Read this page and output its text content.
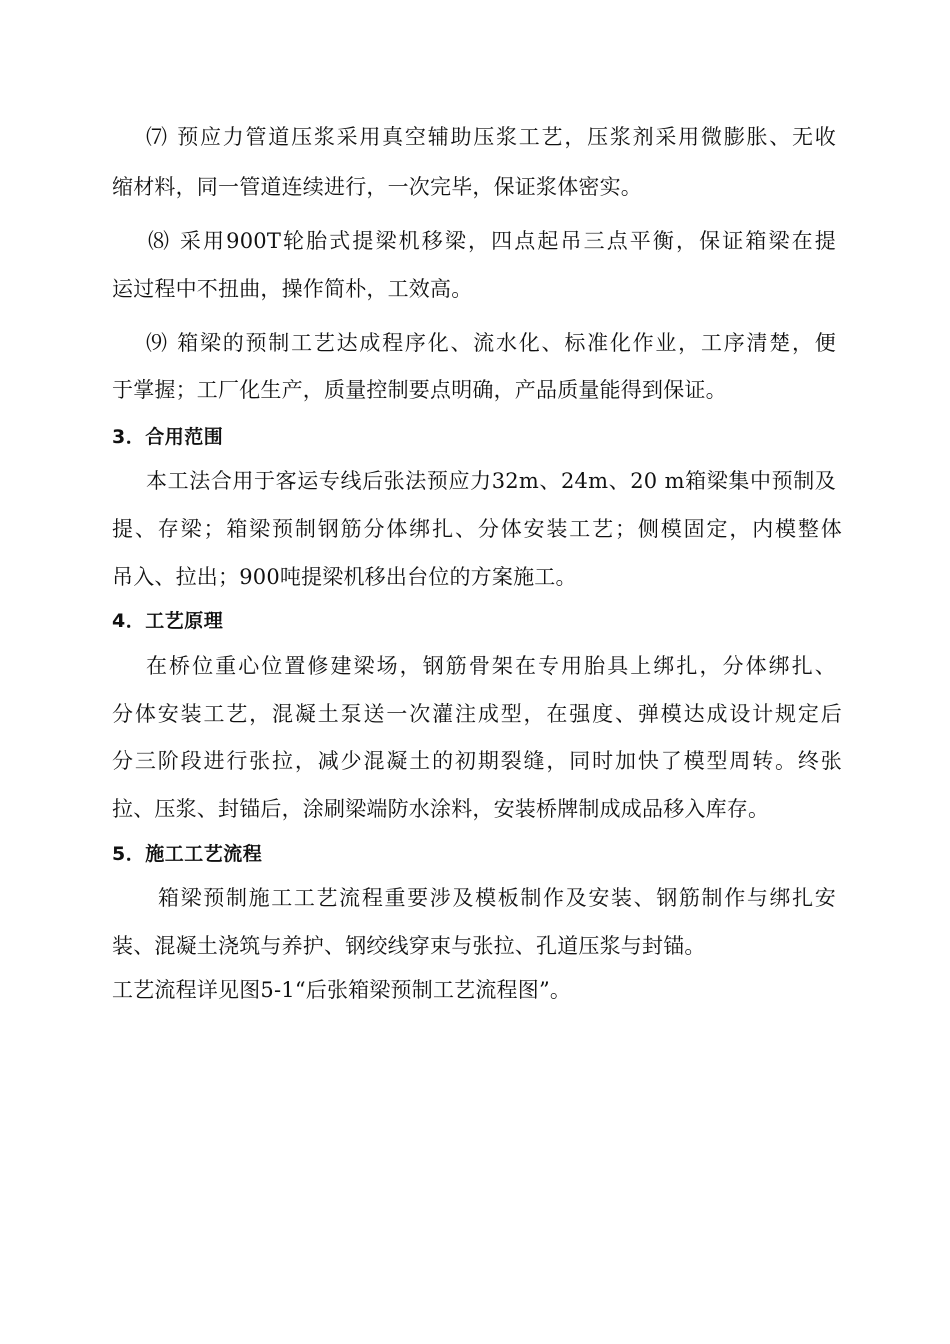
⑺ 预应力管道压浆采用真空辅助压浆工艺，压浆剂采用微膨胀、无收
缩材料，同一管道连续进行，一次完毕，保证浆体密实。
⑻ 采用900T轮胎式提梁机移梁，四点起吊三点平衡，保证箱梁在提
运过程中不扭曲，操作简朴，工效高。
⑼ 箱梁的预制工艺达成程序化、流水化、标准化作业，工序清楚，便
于掌握；工厂化生产，质量控制要点明确，产品质量能得到保证。
3．合用范围
本工法合用于客运专线后张法预应力32m、24m、20 m箱梁集中预制及
提、存梁；箱梁预制钢筋分体绑扎、分体安装工艺；侧模固定，内模整体
吊入、拉出；900吨提梁机移出台位的方案施工。
4．工艺原理
在桥位重心位置修建梁场，钢筋骨架在专用胎具上绑扎，分体绑扎、
分体安装工艺，混凝土泵送一次灌注成型，在强度、弹模达成设计规定后
分三阶段进行张拉，减少混凝土的初期裂缝，同时加快了模型周转。终张
拉、压浆、封锚后，涂刷梁端防水涂料，安装桥牌制成成品移入库存。
5．施工工艺流程
箱梁预制施工工艺流程重要涉及模板制作及安装、钢筋制作与绑扎安
装、混凝土浇筑与养护、钢绞线穿束与张拉、孔道压浆与封锚。
工艺流程详见图5-1“后张箱梁预制工艺流程图”。
